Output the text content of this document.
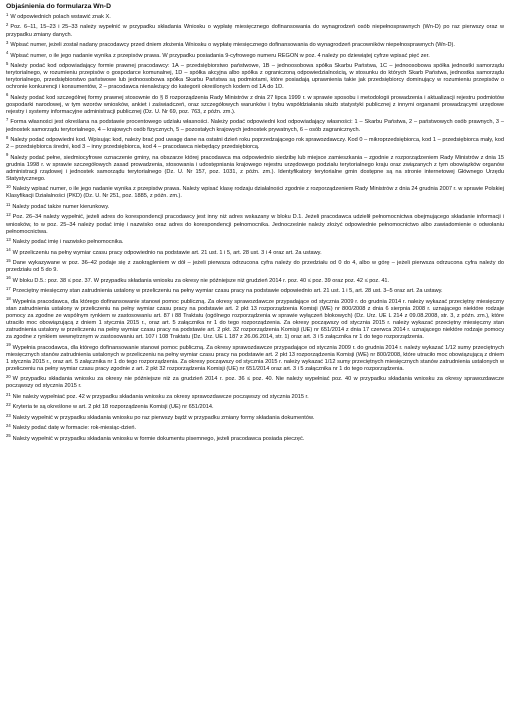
Objaśnienia do formularza Wn-D

$^1$ W odpowiednich polach wstawić znak X.

$^2$ Poz. 6–11, 15–23 i 25–33 należy wypełnić w przypadku składania Wniosku o wypłatę miesięcznego dofinansowania do wynagrodzeń osób niepełnosprawnych (Wn-D) po raz pierwszy oraz w przypadku zmiany danych.

$^3$ Wpisać numer, jeżeli został nadany pracodawcy przed dniem złożenia Wniosku o wypłatę miesięcznego dofinansowania do wynagrodzeń pracowników niepełnosprawnych (Wn-D).

$^4$ Wpisać numer, o ile jego nadanie wynika z przepisów prawa. W przypadku posiadania 9-cyfrowego numeru REGON w poz. 4 należy po dziewiątej cyfrze wpisać pięć zer.

$^5$ Należy podać kod odpowiadający formie prawnej pracodawcy: 1A – przedsiębiorstwo państwowe, 1B – jednoosobowa spółka Skarbu Państwa, 1C – jednoosobowa spółka jednostki samorządu terytorialnego, w rozumieniu przepisów o gospodarce komunalnej, 1D – spółka akcyjna albo spółka z ograniczoną odpowiedzialnością, w stosunku do których Skarb Państwa, jednostka samorządu terytorialnego, przedsiębiorstwo państwowe lub jednoosobowa spółka Skarbu Państwa są podmiotami, które posiadają uprawnienia takie jak przedsiębiorcy dominujący w rozumieniu przepisów o ochronie konkurencji i konsumentów, 2 – pracodawca nienależący do kategorii określonych kodem od 1A do 1D.

$^6$ Należy podać kod szczególnej formy prawnej stosownie do § 8 rozporządzenia Rady Ministrów z dnia 27 lipca 1999 r. w sprawie sposobu i metodologii prowadzenia i aktualizacji rejestru podmiotów gospodarki narodowej, w tym wzorów wniosków, ankiet i zaświadczeń, oraz szczegółowych warunków i trybu współdziałania służb statystyki publicznej z innymi organami prowadzącymi urzędowe rejestry i systemy informacyjne administracji publicznej (Dz. U. Nr 69, poz. 763, z późn. zm.).

$^7$ Forma własności jest określana na podstawie procentowego udziału własności. Należy podać odpowiedni kod odpowiadający własności: 1 – Skarbu Państwa, 2 – państwowych osób prawnych, 3 – jednostek samorządu terytorialnego, 4 – krajowych osób fizycznych, 5 – pozostałych krajowych jednostek prywatnych, 6 – osób zagranicznych.

$^8$ Należy podać odpowiedni kod. Wpisując kod, należy brać pod uwagę dane na ostatni dzień roku poprzedzającego rok sprawozdawczy. Kod 0 – mikroprzedsiębiorca, kod 1 – przedsiębiorca mały, kod 2 – przedsiębiorca średni, kod 3 – inny przedsiębiorca, kod 4 – pracodawca niebędący przedsiębiorcą.

$^9$ Należy podać pełne, siedmiocyfrowe oznaczenie gminy, na obszarze której pracodawca ma odpowiednio siedzibę lub miejsce zamieszkania – zgodnie z rozporządzeniem Rady Ministrów z dnia 15 grudnia 1998 r. w sprawie szczegółowych zasad prowadzenia, stosowania i udostępniania krajowego rejestru urzędowego podziału terytorialnego kraju oraz związanych z tym obowiązków organów administracji rządowej i jednostek samorządu terytorialnego (Dz. U. Nr 157, poz. 1031, z późn. zm.). Identyfikatory terytorialne gmin dostępne są na stronie internetowej Głównego Urzędu Statystycznego.

$^{10}$ Należy wpisać numer, o ile jego nadanie wynika z przepisów prawa. Należy wpisać klasę rodzaju działalności zgodnie z rozporządzeniem Rady Ministrów z dnia 24 grudnia 2007 r. w sprawie Polskiej Klasyfikacji Działalności (PKD) (Dz. U. Nr 251, poz. 1885, z późn. zm.).

$^{11}$ Należy podać także numer kierunkowy.

$^{12}$ Poz. 26–34 należy wypełnić, jeżeli adres do korespondencji pracodawcy jest inny niż adres wskazany w bloku D.1. Jeżeli pracodawca udzielił pełnomocnictwa obejmującego składanie informacji i wniosków, to w poz. 25–34 należy podać imię i nazwisko oraz adres do korespondencji pełnomocnika. Jednocześnie należy złożyć odpowiednie pełnomocnictwo albo zawiadomienie o odwołaniu pełnomocnictwa.

$^{13}$ Należy podać imię i nazwisko pełnomocnika.

$^{14}$ W przeliczeniu na pełny wymiar czasu pracy odpowiednio na podstawie art. 21 ust. 1 i 5, art. 28 ust. 3 i 4 oraz art. 2a ustawy.

$^{15}$ Dane wykazywane w poz. 36–42 podaje się z zaokrągleniem w dół – jeżeli pierwsza odrzucona cyfra należy do przedziału od 0 do 4, albo w górę – jeżeli pierwsza odrzucona cyfra należy do przedziału od 5 do 9.

$^{16}$ W bloku D.5.: poz. 38 ≤ poz. 37. W przypadku składania wniosku za okresy nie późniejsze niż grudzień 2014 r. poz. 40 ≤ poz. 39 oraz poz. 42 ≤ poz. 41.

$^{17}$ Przeciętny miesięczny stan zatrudnienia ustalony w przeliczeniu na pełny wymiar czasu pracy na podstawie odpowiednio art. 21 ust. 1 i 5, art. 28 ust. 3–5 oraz art. 2a ustawy.

$^{18}$ Wypełnia pracodawca, dla którego dofinansowanie stanowi pomoc publiczną. Za okresy sprawozdawcze przypadające od stycznia 2009 r. do grudnia 2014 r. należy wykazać przeciętny miesięczny stan zatrudnienia ustalony w przeliczeniu na pełny wymiar czasu pracy na podstawie art. 2 pkt 13 rozporządzenia Komisji (WE) nr 800/2008 z dnia 6 sierpnia 2008 r. uznającego niektóre rodzaje pomocy za zgodne ze wspólnym rynkiem w zastosowaniu art. 87 i 88 Traktatu (ogólnego rozporządzenia w sprawie wyłączeń blokowych) (Dz. Urz. UE L 214 z 09.08.2008, str. 3, z późn. zm.), które utraciło moc obowiązującą z dniem 1 stycznia 2015 r., oraz art. 5 załącznika nr 1 do tego rozporządzenia. Za okresy począwszy od stycznia 2015 r. należy wykazać przeciętny miesięczny stan zatrudnienia ustalony w przeliczeniu na pełny wymiar czasu pracy na podstawie art. 2 pkt. 32 rozporządzenia Komisji (UE) nr 651/2014 z dnia 17 czerwca 2014 r. uznającego niektóre rodzaje pomocy za zgodne z rynkiem wewnętrznym w zastosowaniu art. 107 i 108 Traktatu (Dz. Urz. UE L 187 z 26.06.2014, str. 1) oraz art. 3 i 5 załącznika nr 1 do tego rozporządzenia.

$^{19}$ Wypełnia pracodawca, dla którego dofinansowanie stanowi pomoc publiczną. Za okresy sprawozdawcze przypadające od stycznia 2009 r. do grudnia 2014 r. należy wykazać 1/12 sumy przeciętnych miesięcznych stanów zatrudnienia ustalonych w przeliczeniu na pełny wymiar czasu pracy na podstawie art. 2 pkt 13 rozporządzenia Komisji (WE) nr 800/2008, które utraciło moc obowiązującą z dniem 1 stycznia 2015 r., oraz art. 5 załącznika nr 1 do tego rozporządzenia. Za okresy począwszy od stycznia 2015 r. należy wykazać 1/12 sumy przeciętnych miesięcznych stanów zatrudnienia ustalonych w przeliczeniu na pełny wymiar czasu pracy zgodnie z art. 2 pkt 32 rozporządzenia Komisji (UE) nr 651/2014 oraz art. 3 i 5 załącznika nr 1 do tego rozporządzenia.

$^{20}$ W przypadku składania wniosku za okresy nie późniejsze niż za grudzień 2014 r. poz. 36 ≤ poz. 40. Nie należy wypełniać poz. 40 w przypadku składania wniosku za okresy sprawozdawcze począwszy od stycznia 2015 r.

$^{21}$ Nie należy wypełniać poz. 42 w przypadku składania wniosku za okresy sprawozdawcze począwszy od stycznia 2015 r.

$^{22}$ Kryteria te są określone w art. 2 pkt 18 rozporządzenia Komisji (UE) nr 651/2014.

$^{23}$ Należy wypełnić w przypadku składania wniosku po raz pierwszy bądź w przypadku zmiany formy składania dokumentów.

$^{24}$ Należy podać datę w formacie: rok-miesiąc-dzień.

$^{25}$ Należy wypełnić w przypadku składania wniosku w formie dokumentu pisemnego, jeżeli pracodawca posiada pieczęć.
